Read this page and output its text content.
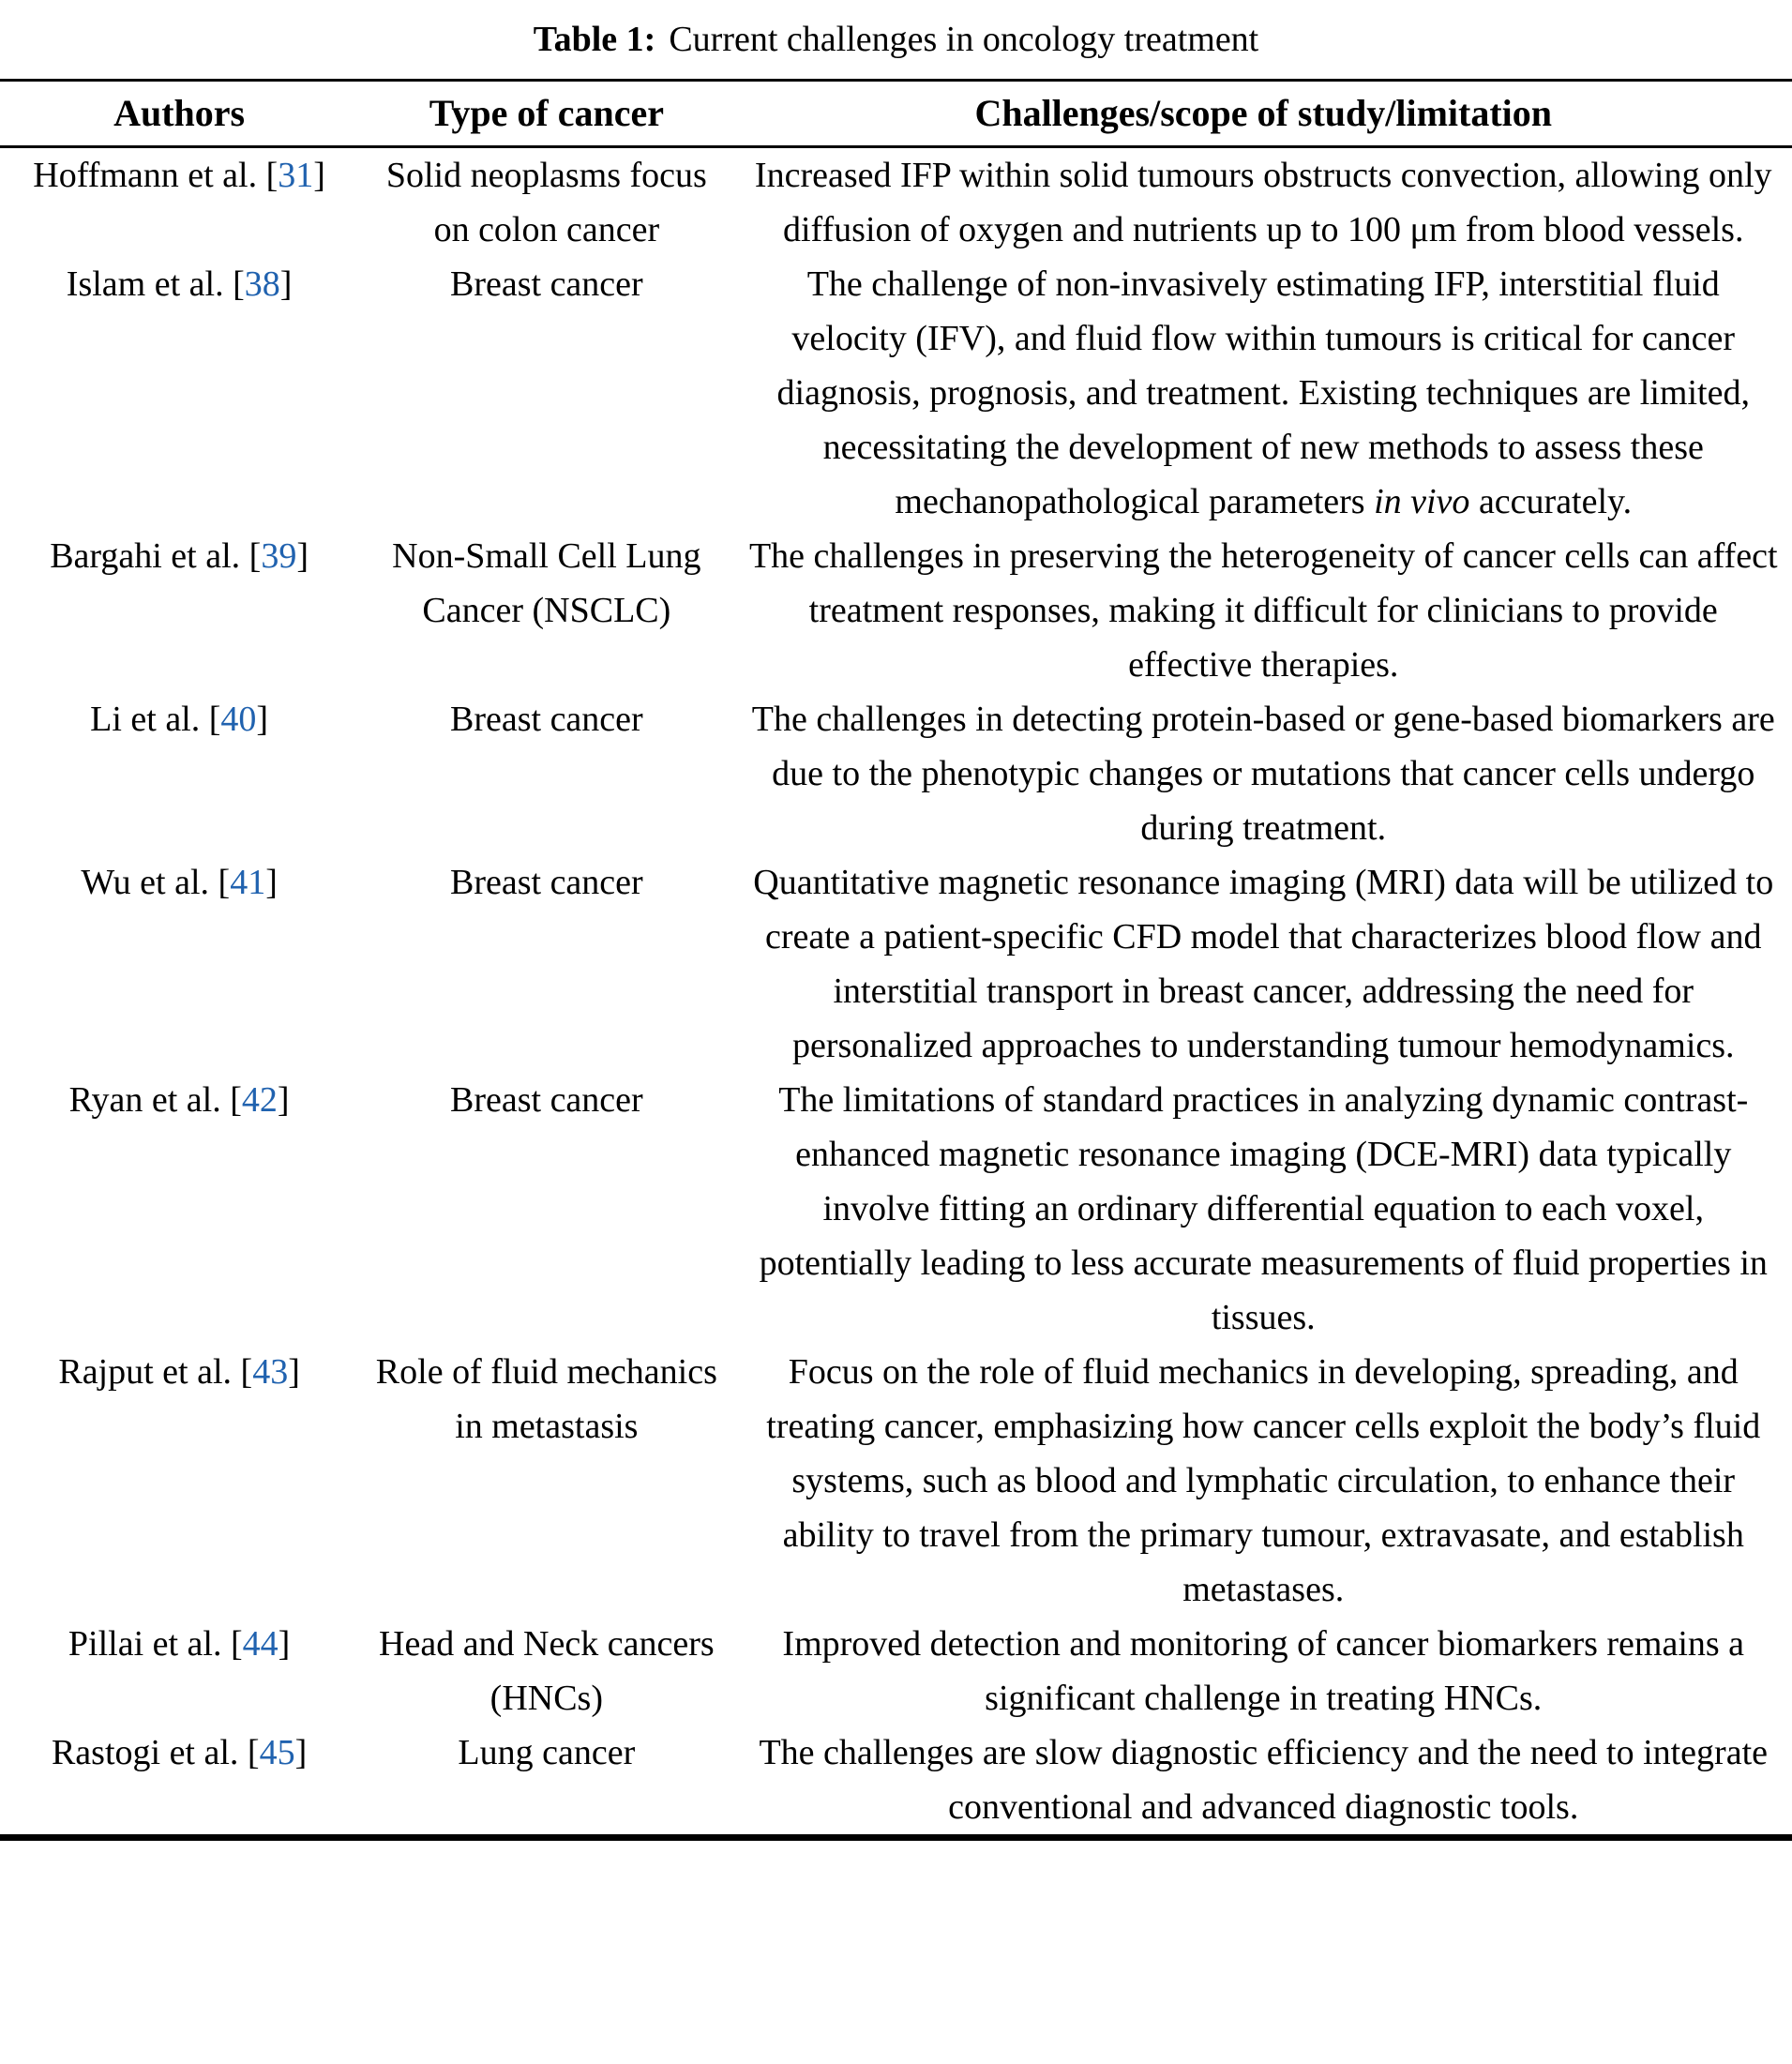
Table 1: Current challenges in oncology treatment
Authors	Type of cancer	Challenges/scope of study/limitation
Hoffmann et al. [31]	Solid neoplasms focus on colon cancer	Increased IFP within solid tumours obstructs convection, allowing only diffusion of oxygen and nutrients up to 100 μm from blood vessels.
Islam et al. [38]	Breast cancer	The challenge of non-invasively estimating IFP, interstitial fluid velocity (IFV), and fluid flow within tumours is critical for cancer diagnosis, prognosis, and treatment. Existing techniques are limited, necessitating the development of new methods to assess these mechanopathological parameters in vivo accurately.
Bargahi et al. [39]	Non-Small Cell Lung Cancer (NSCLC)	The challenges in preserving the heterogeneity of cancer cells can affect treatment responses, making it difficult for clinicians to provide effective therapies.
Li et al. [40]	Breast cancer	The challenges in detecting protein-based or gene-based biomarkers are due to the phenotypic changes or mutations that cancer cells undergo during treatment.
Wu et al. [41]	Breast cancer	Quantitative magnetic resonance imaging (MRI) data will be utilized to create a patient-specific CFD model that characterizes blood flow and interstitial transport in breast cancer, addressing the need for personalized approaches to understanding tumour hemodynamics.
Ryan et al. [42]	Breast cancer	The limitations of standard practices in analyzing dynamic contrast-enhanced magnetic resonance imaging (DCE-MRI) data typically involve fitting an ordinary differential equation to each voxel, potentially leading to less accurate measurements of fluid properties in tissues.
Rajput et al. [43]	Role of fluid mechanics in metastasis	Focus on the role of fluid mechanics in developing, spreading, and treating cancer, emphasizing how cancer cells exploit the body’s fluid systems, such as blood and lymphatic circulation, to enhance their ability to travel from the primary tumour, extravasate, and establish metastases.
Pillai et al. [44]	Head and Neck cancers (HNCs)	Improved detection and monitoring of cancer biomarkers remains a significant challenge in treating HNCs.
Rastogi et al. [45]	Lung cancer	The challenges are slow diagnostic efficiency and the need to integrate conventional and advanced diagnostic tools.
